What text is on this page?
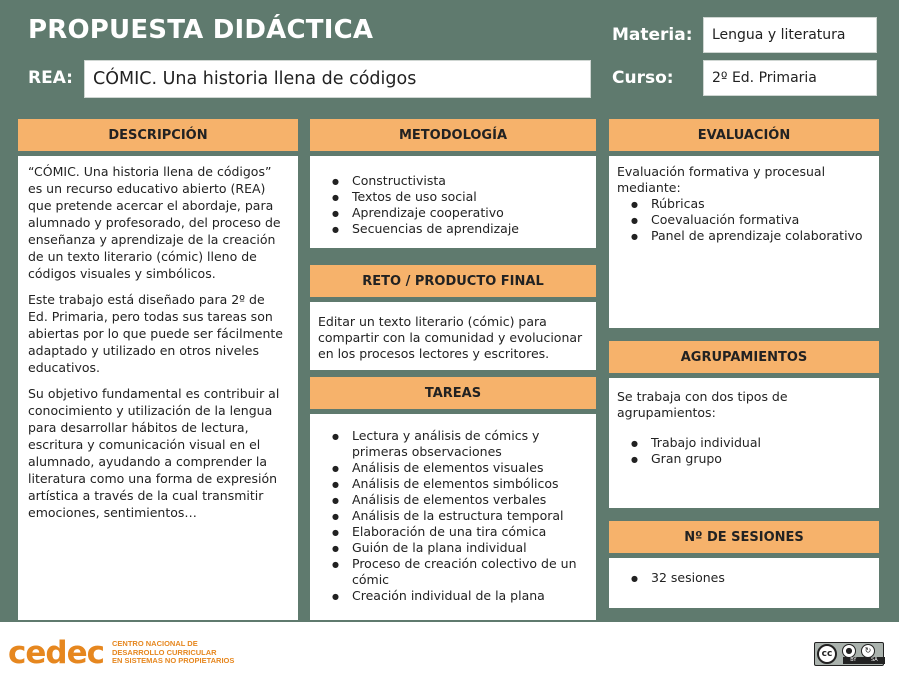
PROPUESTA DIDÁCTICA
REA:	CÓMIC. Una historia llena de códigos
Materia:	Lengua y literatura
Curso:	2º Ed. Primaria
DESCRIPCIÓN

“CÓMIC. Una historia llena de códigos” es un recurso educativo abierto (REA) que pretende acercar el abordaje, para alumnado y profesorado, del proceso de enseñanza y aprendizaje de la creación de un texto literario (cómic) lleno de códigos visuales y simbólicos.

Este trabajo está diseñado para 2º de Ed. Primaria, pero todas sus tareas son abiertas por lo que puede ser fácilmente adaptado y utilizado en otros niveles educativos.

Su objetivo fundamental es contribuir al conocimiento y utilización de la lengua para desarrollar hábitos de lectura, escritura y comunicación visual en el alumnado, ayudando a comprender la literatura como una forma de expresión artística a través de la cual transmitir emociones, sentimientos…

METODOLOGÍA
● Constructivista
● Textos de uso social
● Aprendizaje cooperativo
● Secuencias de aprendizaje
RETO / PRODUCTO FINAL
Editar un texto literario (cómic) para compartir con la comunidad y evolucionar en los procesos lectores y escritores.
TAREAS
● Lectura y análisis de cómics y primeras observaciones
● Análisis de elementos visuales
● Análisis de elementos simbólicos
● Análisis de elementos verbales
● Análisis de la estructura temporal
● Elaboración de una tira cómica
● Guión de la plana individual
● Proceso de creación colectivo de un cómic
● Creación individual de la plana
EVALUACIÓN
Evaluación formativa y procesual mediante:
● Rúbricas
● Coevaluación formativa
● Panel de aprendizaje colaborativo
AGRUPAMIENTOS
Se trabaja con dos tipos de agrupamientos:
● Trabajo individual
● Gran grupo
Nº DE SESIONES
● 32 sesiones
cedec CENTRO NACIONAL DE
DESARROLLO CURRICULAR
EN SISTEMAS NO PROPIETARIOS
cc	●	↻
BY	SA
